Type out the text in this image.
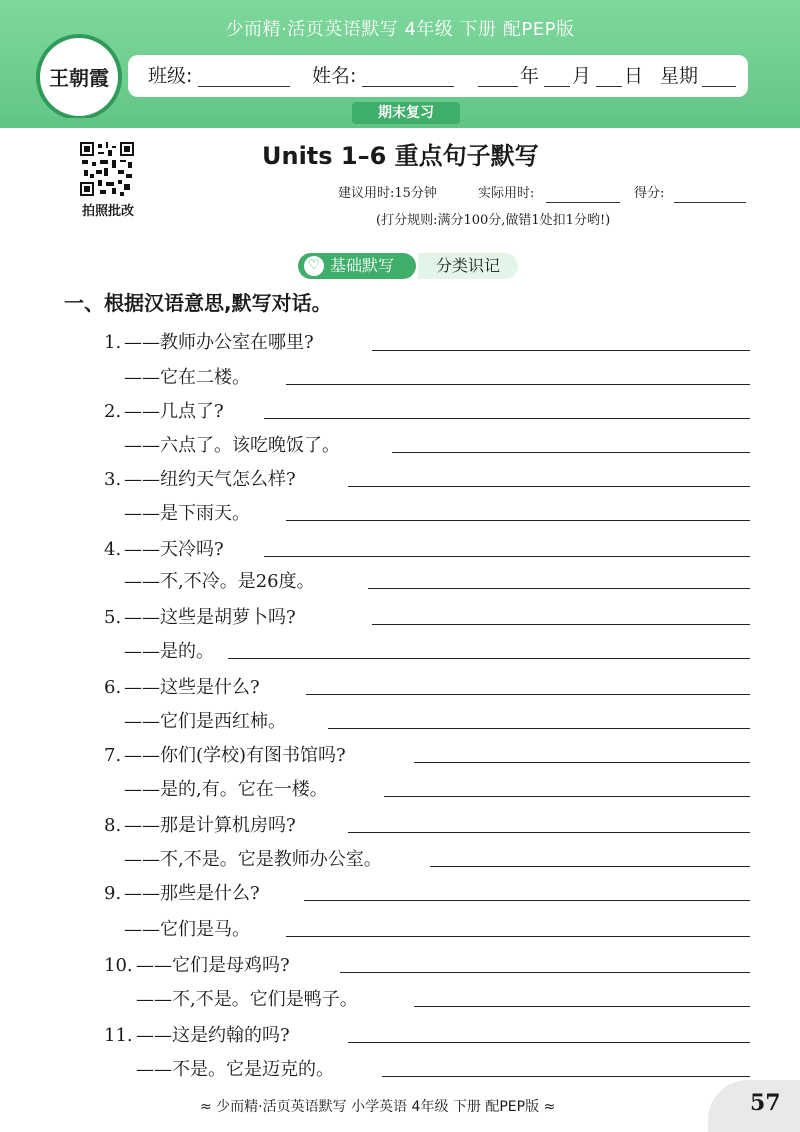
少而精·活页英语默写 4年级 下册 配PEP版
王朝霞	班级:	姓名:	年 月 日 星期
期末复习
拍照批改
Units 1–6 重点句子默写
建议用时:15分钟	实际用时:	得分:
(打分规则:满分100分,做错1处扣1分哟!)
♡ 基础默写	分类识记
一、根据汉语意思,默写对话。
1. ——教师办公室在哪里?
——它在二楼。
2. ——几点了?
——六点了。该吃晚饭了。
3. ——纽约天气怎么样?
——是下雨天。
4. ——天冷吗?
——不,不冷。是26度。
5. ——这些是胡萝卜吗?
——是的。
6. ——这些是什么?
——它们是西红柿。
7. ——你们(学校)有图书馆吗?
——是的,有。它在一楼。
8. ——那是计算机房吗?
——不,不是。它是教师办公室。
9. ——那些是什么?
——它们是马。
10. ——它们是母鸡吗?
——不,不是。它们是鸭子。
11. ——这是约翰的吗?
——不是。它是迈克的。
≈ 少而精·活页英语默写 小学英语 4年级 下册 配PEP版 ≈	57
